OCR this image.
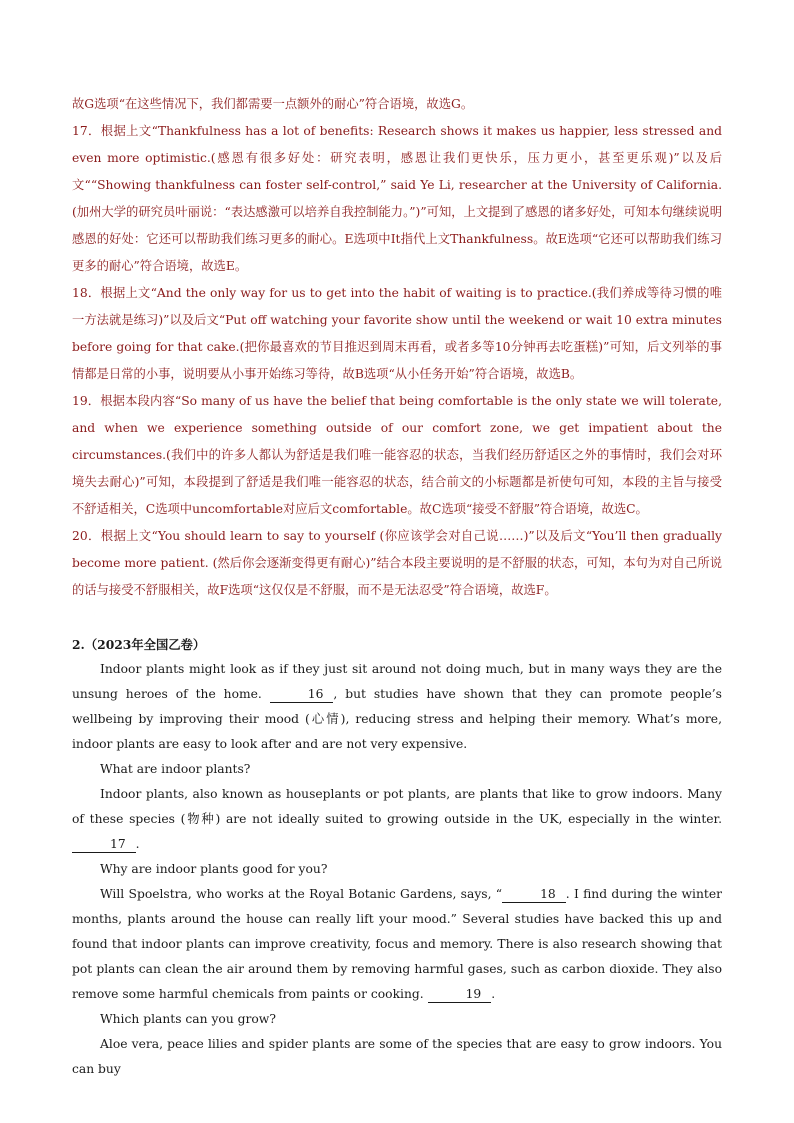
故G选项“在这些情况下，我们都需要一点额外的耐心”符合语境，故选G。

17．根据上文“Thankfulness has a lot of benefits: Research shows it makes us happier, less stressed and even more optimistic.(感恩有很多好处：研究表明，感恩让我们更快乐，压力更小，甚至更乐观)”以及后文““Showing thankfulness can foster self-control,” said Ye Li, researcher at the University of California. (加州大学的研究员叶丽说：“表达感激可以培养自我控制能力。”)”可知，上文提到了感恩的诸多好处，可知本句继续说明感恩的好处：它还可以帮助我们练习更多的耐心。E选项中It指代上文Thankfulness。故E选项“它还可以帮助我们练习更多的耐心”符合语境，故选E。

18．根据上文“And the only way for us to get into the habit of waiting is to practice.(我们养成等待习惯的唯一方法就是练习)”以及后文“Put off watching your favorite show until the weekend or wait 10 extra minutes before going for that cake.(把你最喜欢的节目推迟到周末再看，或者多等10分钟再去吃蛋糕)”可知，后文列举的事情都是日常的小事，说明要从小事开始练习等待，故B选项“从小任务开始”符合语境，故选B。

19．根据本段内容“So many of us have the belief that being comfortable is the only state we will tolerate, and when we experience something outside of our comfort zone, we get impatient about the circumstances.(我们中的许多人都认为舒适是我们唯一能容忍的状态，当我们经历舒适区之外的事情时，我们会对环境失去耐心)”可知，本段提到了舒适是我们唯一能容忍的状态，结合前文的小标题都是祈使句可知，本段的主旨与接受不舒适相关，C选项中uncomfortable对应后文comfortable。故C选项“接受不舒服”符合语境，故选C。

20．根据上文“You should learn to say to yourself (你应该学会对自己说……)”以及后文“You’ll then gradually become more patient. (然后你会逐渐变得更有耐心)”结合本段主要说明的是不舒服的状态，可知，本句为对自己所说的话与接受不舒服相关，故F选项“这仅仅是不舒服，而不是无法忍受”符合语境，故选F。

2.（2023年全国乙卷）

Indoor plants might look as if they just sit around not doing much, but in many ways they are the unsung heroes of the home.	16 , but studies have shown that they can promote people’s wellbeing by improving their mood (心情), reducing stress and helping their memory. What’s more, indoor plants are easy to look after and are not very expensive.

What are indoor plants?

Indoor plants, also known as houseplants or pot plants, are plants that like to grow indoors. Many of these species (物种) are not ideally suited to growing outside in the UK, especially in the winter. 17 .

Why are indoor plants good for you?

Will Spoelstra, who works at the Royal Botanic Gardens, says, “	18 . I find during the winter months, plants around the house can really lift your mood.” Several studies have backed this up and found that indoor plants can improve creativity, focus and memory. There is also research showing that pot plants can clean the air around them by removing harmful gases, such as carbon dioxide. They also remove some harmful chemicals from paints or cooking.	19 .

Which plants can you grow?

Aloe vera, peace lilies and spider plants are some of the species that are easy to grow indoors. You can buy
